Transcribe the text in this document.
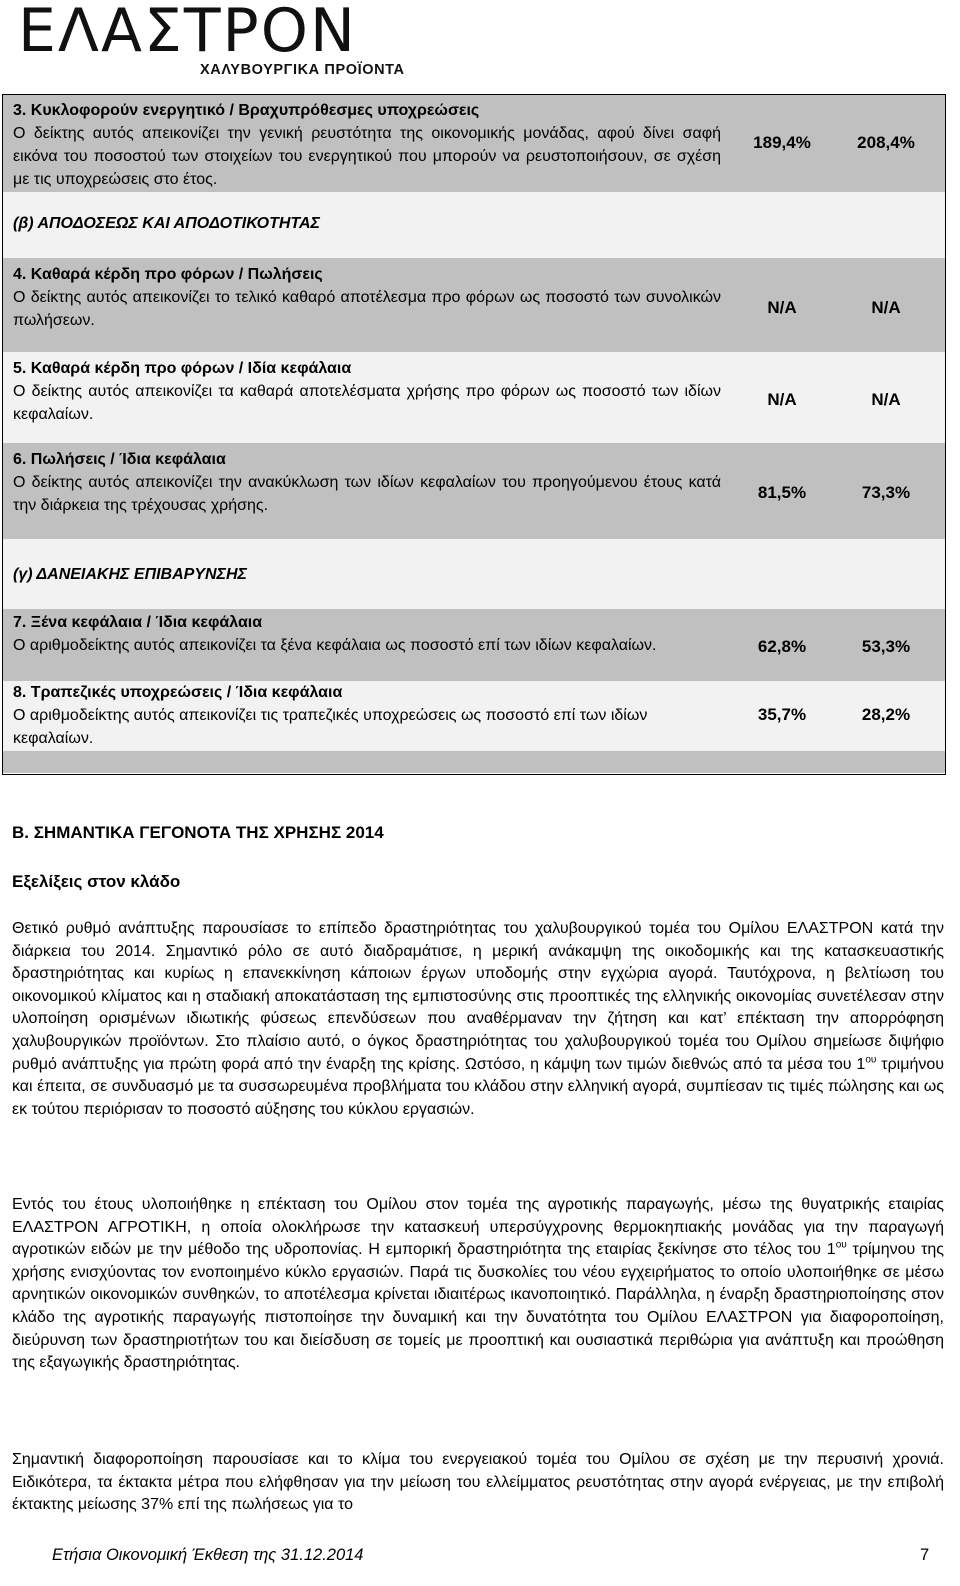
ΕΛΑΣΤΡΟΝ
ΧΑΛΥΒΟΥΡΓΙΚΑ ΠΡΟΪΟΝΤΑ
3. Κυκλοφορούν ενεργητικό / Βραχυπρόθεσμες υποχρεώσεις
Ο δείκτης αυτός απεικονίζει την γενική ρευστότητα της οικονομικής μονάδας, αφού δίνει σαφή εικόνα του ποσοστού των στοιχείων του ενεργητικού που μπορούν να ρευστοποιήσουν, σε σχέση με τις υποχρεώσεις στο έτος.
189,4%	208,4%
(β) ΑΠΟΔΟΣΕΩΣ ΚΑΙ ΑΠΟΔΟΤΙΚΟΤΗΤΑΣ
4. Καθαρά κέρδη προ φόρων / Πωλήσεις
Ο δείκτης αυτός απεικονίζει το τελικό καθαρό αποτέλεσμα προ φόρων ως ποσοστό των συνολικών πωλήσεων.
N/A	N/A
5. Καθαρά κέρδη προ φόρων / Ιδία κεφάλαια
Ο δείκτης αυτός απεικονίζει τα καθαρά αποτελέσματα χρήσης προ φόρων ως ποσοστό των ιδίων κεφαλαίων.
N/A	N/A
6. Πωλήσεις / Ίδια κεφάλαια
Ο δείκτης αυτός απεικονίζει την ανακύκλωση των ιδίων κεφαλαίων του προηγούμενου έτους κατά την διάρκεια της τρέχουσας χρήσης.
81,5%	73,3%
(γ) ΔΑΝΕΙΑΚΗΣ ΕΠΙΒΑΡΥΝΣΗΣ
7. Ξένα κεφάλαια / Ίδια κεφάλαια
Ο αριθμοδείκτης αυτός απεικονίζει τα ξένα κεφάλαια ως ποσοστό επί των ιδίων κεφαλαίων.	62,8%	53,3%
8. Τραπεζικές υποχρεώσεις / Ίδια κεφάλαια
Ο αριθμοδείκτης αυτός απεικονίζει τις τραπεζικές υποχρεώσεις ως ποσοστό επί των ιδίων κεφαλαίων.
35,7%	28,2%
Β. ΣΗΜΑΝΤΙΚΑ ΓΕΓΟΝΟΤΑ ΤΗΣ ΧΡΗΣΗΣ 2014
Εξελίξεις στον κλάδο
Θετικό ρυθμό ανάπτυξης παρουσίασε το επίπεδο δραστηριότητας του χαλυβουργικού τομέα του Ομίλου ΕΛΑΣΤΡΟΝ κατά την διάρκεια του 2014. Σημαντικό ρόλο σε αυτό διαδραμάτισε, η μερική ανάκαμψη της οικοδομικής και της κατασκευαστικής δραστηριότητας και κυρίως η επανεκκίνηση κάποιων έργων υποδομής στην εγχώρια αγορά. Ταυτόχρονα, η βελτίωση του οικονομικού κλίματος και η σταδιακή αποκατάσταση της εμπιστοσύνης στις προοπτικές της ελληνικής οικονομίας συνετέλεσαν στην υλοποίηση ορισμένων ιδιωτικής φύσεως επενδύσεων που αναθέρμαναν την ζήτηση και κατ’ επέκταση την απορρόφηση χαλυβουργικών προϊόντων. Στο πλαίσιο αυτό, ο όγκος δραστηριότητας του χαλυβουργικού τομέα του Ομίλου σημείωσε διψήφιο ρυθμό ανάπτυξης για πρώτη φορά από την έναρξη της κρίσης. Ωστόσο, η κάμψη των τιμών διεθνώς από τα μέσα του $1^{o\upsilon}$ τριμήνου και έπειτα, σε συνδυασμό με τα συσσωρευμένα προβλήματα του κλάδου στην ελληνική αγορά, συμπίεσαν τις τιμές πώλησης και ως εκ τούτου περιόρισαν το ποσοστό αύξησης του κύκλου εργασιών.
Εντός του έτους υλοποιήθηκε η επέκταση του Ομίλου στον τομέα της αγροτικής παραγωγής, μέσω της θυγατρικής εταιρίας ΕΛΑΣΤΡΟΝ ΑΓΡΟΤΙΚΗ, η οποία ολοκλήρωσε την κατασκευή υπερσύγχρονης θερμοκηπιακής μονάδας για την παραγωγή αγροτικών ειδών με την μέθοδο της υδροπονίας. Η εμπορική δραστηριότητα της εταιρίας ξεκίνησε στο τέλος του $1^{o\upsilon}$ τρίμηνου της χρήσης ενισχύοντας τον ενοποιημένο κύκλο εργασιών. Παρά τις δυσκολίες του νέου εγχειρήματος το οποίο υλοποιήθηκε σε μέσω αρνητικών οικονομικών συνθηκών, το αποτέλεσμα κρίνεται ιδιαιτέρως ικανοποιητικό. Παράλληλα, η έναρξη δραστηριοποίησης στον κλάδο της αγροτικής παραγωγής πιστοποίησε την δυναμική και την δυνατότητα του Ομίλου ΕΛΑΣΤΡΟΝ για διαφοροποίηση, διεύρυνση των δραστηριοτήτων του και διείσδυση σε τομείς με προοπτική και ουσιαστικά περιθώρια για ανάπτυξη και προώθηση της εξαγωγικής δραστηριότητας.
Σημαντική διαφοροποίηση παρουσίασε και το κλίμα του ενεργειακού τομέα του Ομίλου σε σχέση με την περυσινή χρονιά. Ειδικότερα, τα έκτακτα μέτρα που ελήφθησαν για την μείωση του ελλείμματος ρευστότητας στην αγορά ενέργειας, με την επιβολή έκτακτης μείωσης 37% επί της πωλήσεως για το
Ετήσια Οικονομική Έκθεση της 31.12.2014	7
